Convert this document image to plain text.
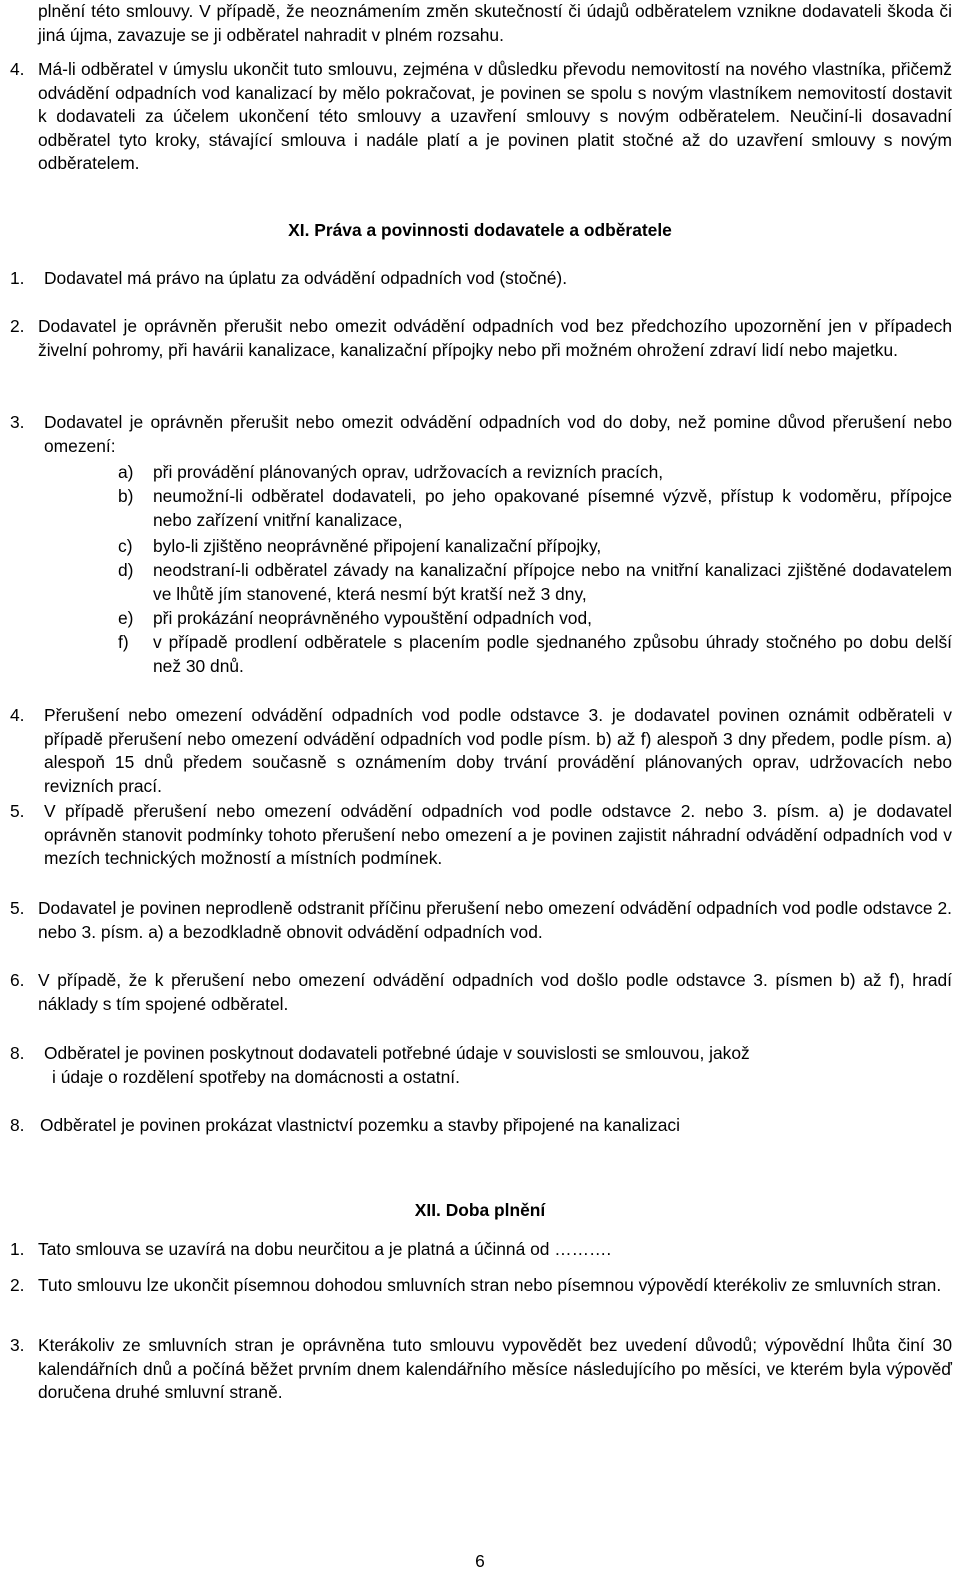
plnění této smlouvy. V případě, že neoznámením změn skutečností či údajů odběratelem vznikne dodavateli škoda či jiná újma, zavazuje se ji odběratel nahradit v plném rozsahu.

4. Má-li odběratel v úmyslu ukončit tuto smlouvu, zejména v důsledku převodu nemovitostí na nového vlastníka, přičemž odvádění odpadních vod kanalizací by mělo pokračovat, je povinen se spolu s novým vlastníkem nemovitostí dostavit k dodavateli za účelem ukončení této smlouvy a uzavření smlouvy s novým odběratelem. Neučiní-li dosavadní odběratel tyto kroky, stávající smlouva i nadále platí a je povinen platit stočné až do uzavření smlouvy s novým odběratelem.

XI. Práva a povinnosti dodavatele a odběratele

1. Dodavatel má právo na úplatu za odvádění odpadních vod (stočné).

2. Dodavatel je oprávněn přerušit nebo omezit odvádění odpadních vod bez předchozího upozornění jen v případech živelní pohromy, při havárii kanalizace, kanalizační přípojky nebo při možném ohrožení zdraví lidí nebo majetku.

3. Dodavatel je oprávněn přerušit nebo omezit odvádění odpadních vod do doby, než pomine důvod přerušení nebo omezení:

a) při provádění plánovaných oprav, udržovacích a revizních pracích,

b) neumožní-li odběratel dodavateli, po jeho opakované písemné výzvě, přístup k vodoměru, přípojce nebo zařízení vnitřní kanalizace,

c) bylo-li zjištěno neoprávněné připojení kanalizační přípojky,

d) neodstraní-li odběratel závady na kanalizační přípojce nebo na vnitřní kanalizaci zjištěné dodavatelem ve lhůtě jím stanovené, která nesmí být kratší než 3 dny,

e) při prokázání neoprávněného vypouštění odpadních vod,

f) v případě prodlení odběratele s placením podle sjednaného způsobu úhrady stočného po dobu delší než 30 dnů.

4. Přerušení nebo omezení odvádění odpadních vod podle odstavce 3. je dodavatel povinen oznámit odběrateli v případě přerušení nebo omezení odvádění odpadních vod podle písm. b) až f) alespoň 3 dny předem, podle písm. a) alespoň 15 dnů předem současně s oznámením doby trvání provádění plánovaných oprav, udržovacích nebo revizních prací.

5. V případě přerušení nebo omezení odvádění odpadních vod podle odstavce 2. nebo 3. písm. a) je dodavatel oprávněn stanovit podmínky tohoto přerušení nebo omezení a je povinen zajistit náhradní odvádění odpadních vod v mezích technických možností a místních podmínek.

5. Dodavatel je povinen neprodleně odstranit příčinu přerušení nebo omezení odvádění odpadních vod podle odstavce 2. nebo 3. písm. a) a bezodkladně obnovit odvádění odpadních vod.

6. V případě, že k přerušení nebo omezení odvádění odpadních vod došlo podle odstavce 3. písmen b) až f), hradí náklady s tím spojené odběratel.

8. Odběratel je povinen poskytnout dodavateli potřebné údaje v souvislosti se smlouvou, jakož

i údaje o rozdělení spotřeby na domácnosti a ostatní.

8. Odběratel je povinen prokázat vlastnictví pozemku a stavby připojené na kanalizaci

XII. Doba plnění

1. Tato smlouva se uzavírá na dobu neurčitou a je platná a účinná od ……….

2. Tuto smlouvu lze ukončit písemnou dohodou smluvních stran nebo písemnou výpovědí kterékoliv ze smluvních stran.

3. Kterákoliv ze smluvních stran je oprávněna tuto smlouvu vypovědět bez uvedení důvodů; výpovědní lhůta činí 30 kalendářních dnů a počíná běžet prvním dnem kalendářního měsíce následujícího po měsíci, ve kterém byla výpověď doručena druhé smluvní straně.

6
